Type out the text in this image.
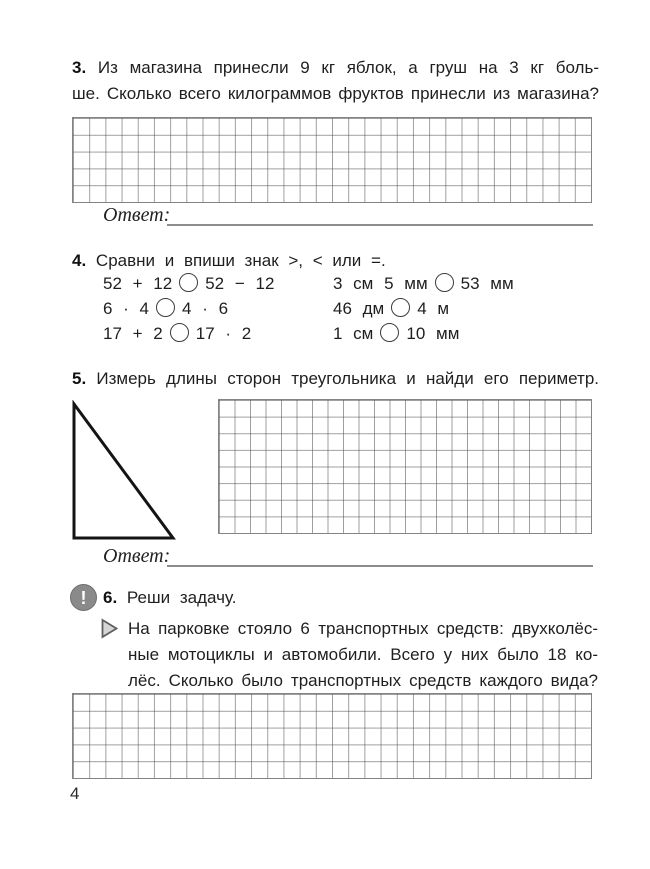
3. Из магазина принесли 9 кг яблок, а груш на 3 кг боль-
ше. Сколько всего килограммов фруктов принесли из магазина?
Ответ:
4. Сравни и впиши знак >, < или =.
52 + 12 52 − 12	3 см 5 мм 53 мм
6 · 4 4 · 6	46 дм 4 м
17 + 2 17 · 2	1 см 10 мм
5. Измерь длины сторон треугольника и найди его периметр.
Ответ:
! 6. Реши задачу.
На парковке стояло 6 транспортных средств: двухколёс-
ные мотоциклы и автомобили. Всего у них было 18 ко-
лёс. Сколько было транспортных средств каждого вида?
4
